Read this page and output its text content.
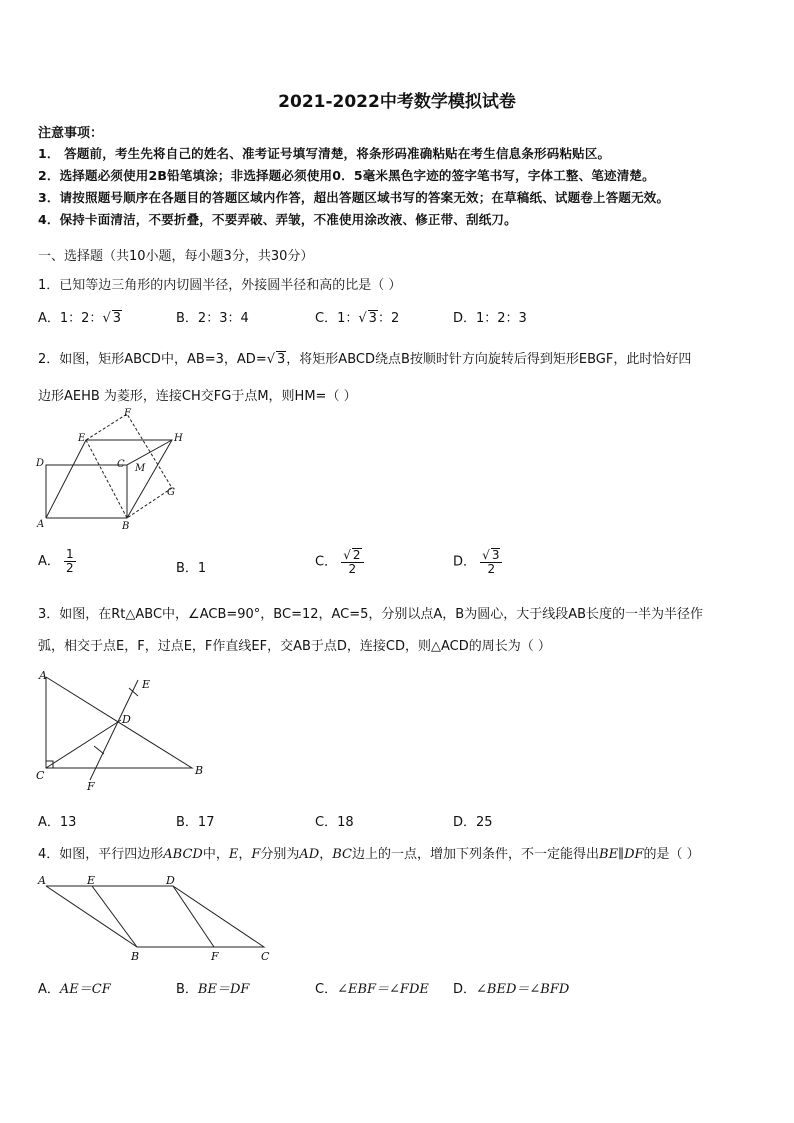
2021-2022中考数学模拟试卷
注意事项：
1． 答题前，考生先将自己的姓名、准考证号填写清楚，将条形码准确粘贴在考生信息条形码粘贴区。
2．选择题必须使用2B铅笔填涂；非选择题必须使用0．5毫米黑色字迹的签字笔书写，字体工整、笔迹清楚。
3．请按照题号顺序在各题目的答题区域内作答，超出答题区域书写的答案无效；在草稿纸、试题卷上答题无效。
4．保持卡面清洁，不要折叠，不要弄破、弄皱，不准使用涂改液、修正带、刮纸刀。
一、选择题（共10小题，每小题3分，共30分）
1．已知等边三角形的内切圆半径，外接圆半径和高的比是（ ）
A．1：2：√ 3	B．2：3：4	C．1：√ 3：2	D．1：2：3
2．如图，矩形ABCD中，AB=3，AD=√ 3，将矩形ABCD绕点B按顺时针方向旋转后得到矩形EBGF，此时恰好四
边形AEHB 为菱形，连接CH交FG于点M，则HM=（ ）
D
A	B
C
E
F
H
G
M
A． $\frac{1}{2}$	B．1	C． $\frac{√ 2}{2}$	D． $\frac{√ 3}{2}$
3．如图，在Rt△ABC中，∠ACB=90°，BC=12，AC=5，分别以点A，B为圆心，大于线段AB长度的一半为半径作
弧，相交于点E，F，过点E，F作直线EF，交AB于点D，连接CD，则△ACD的周长为（ ）
A
C	B
D
E
F
A．13	B．17	C．18	D．25
4．如图，平行四边形ABCD中，E，F分别为AD，BC边上的一点，增加下列条件，不一定能得出BE∥DF的是（ ）
A	E	D
B	F	C
A．AE＝CF	B．BE＝DF	C．∠EBF＝∠FDE D．∠BED＝∠BFD
